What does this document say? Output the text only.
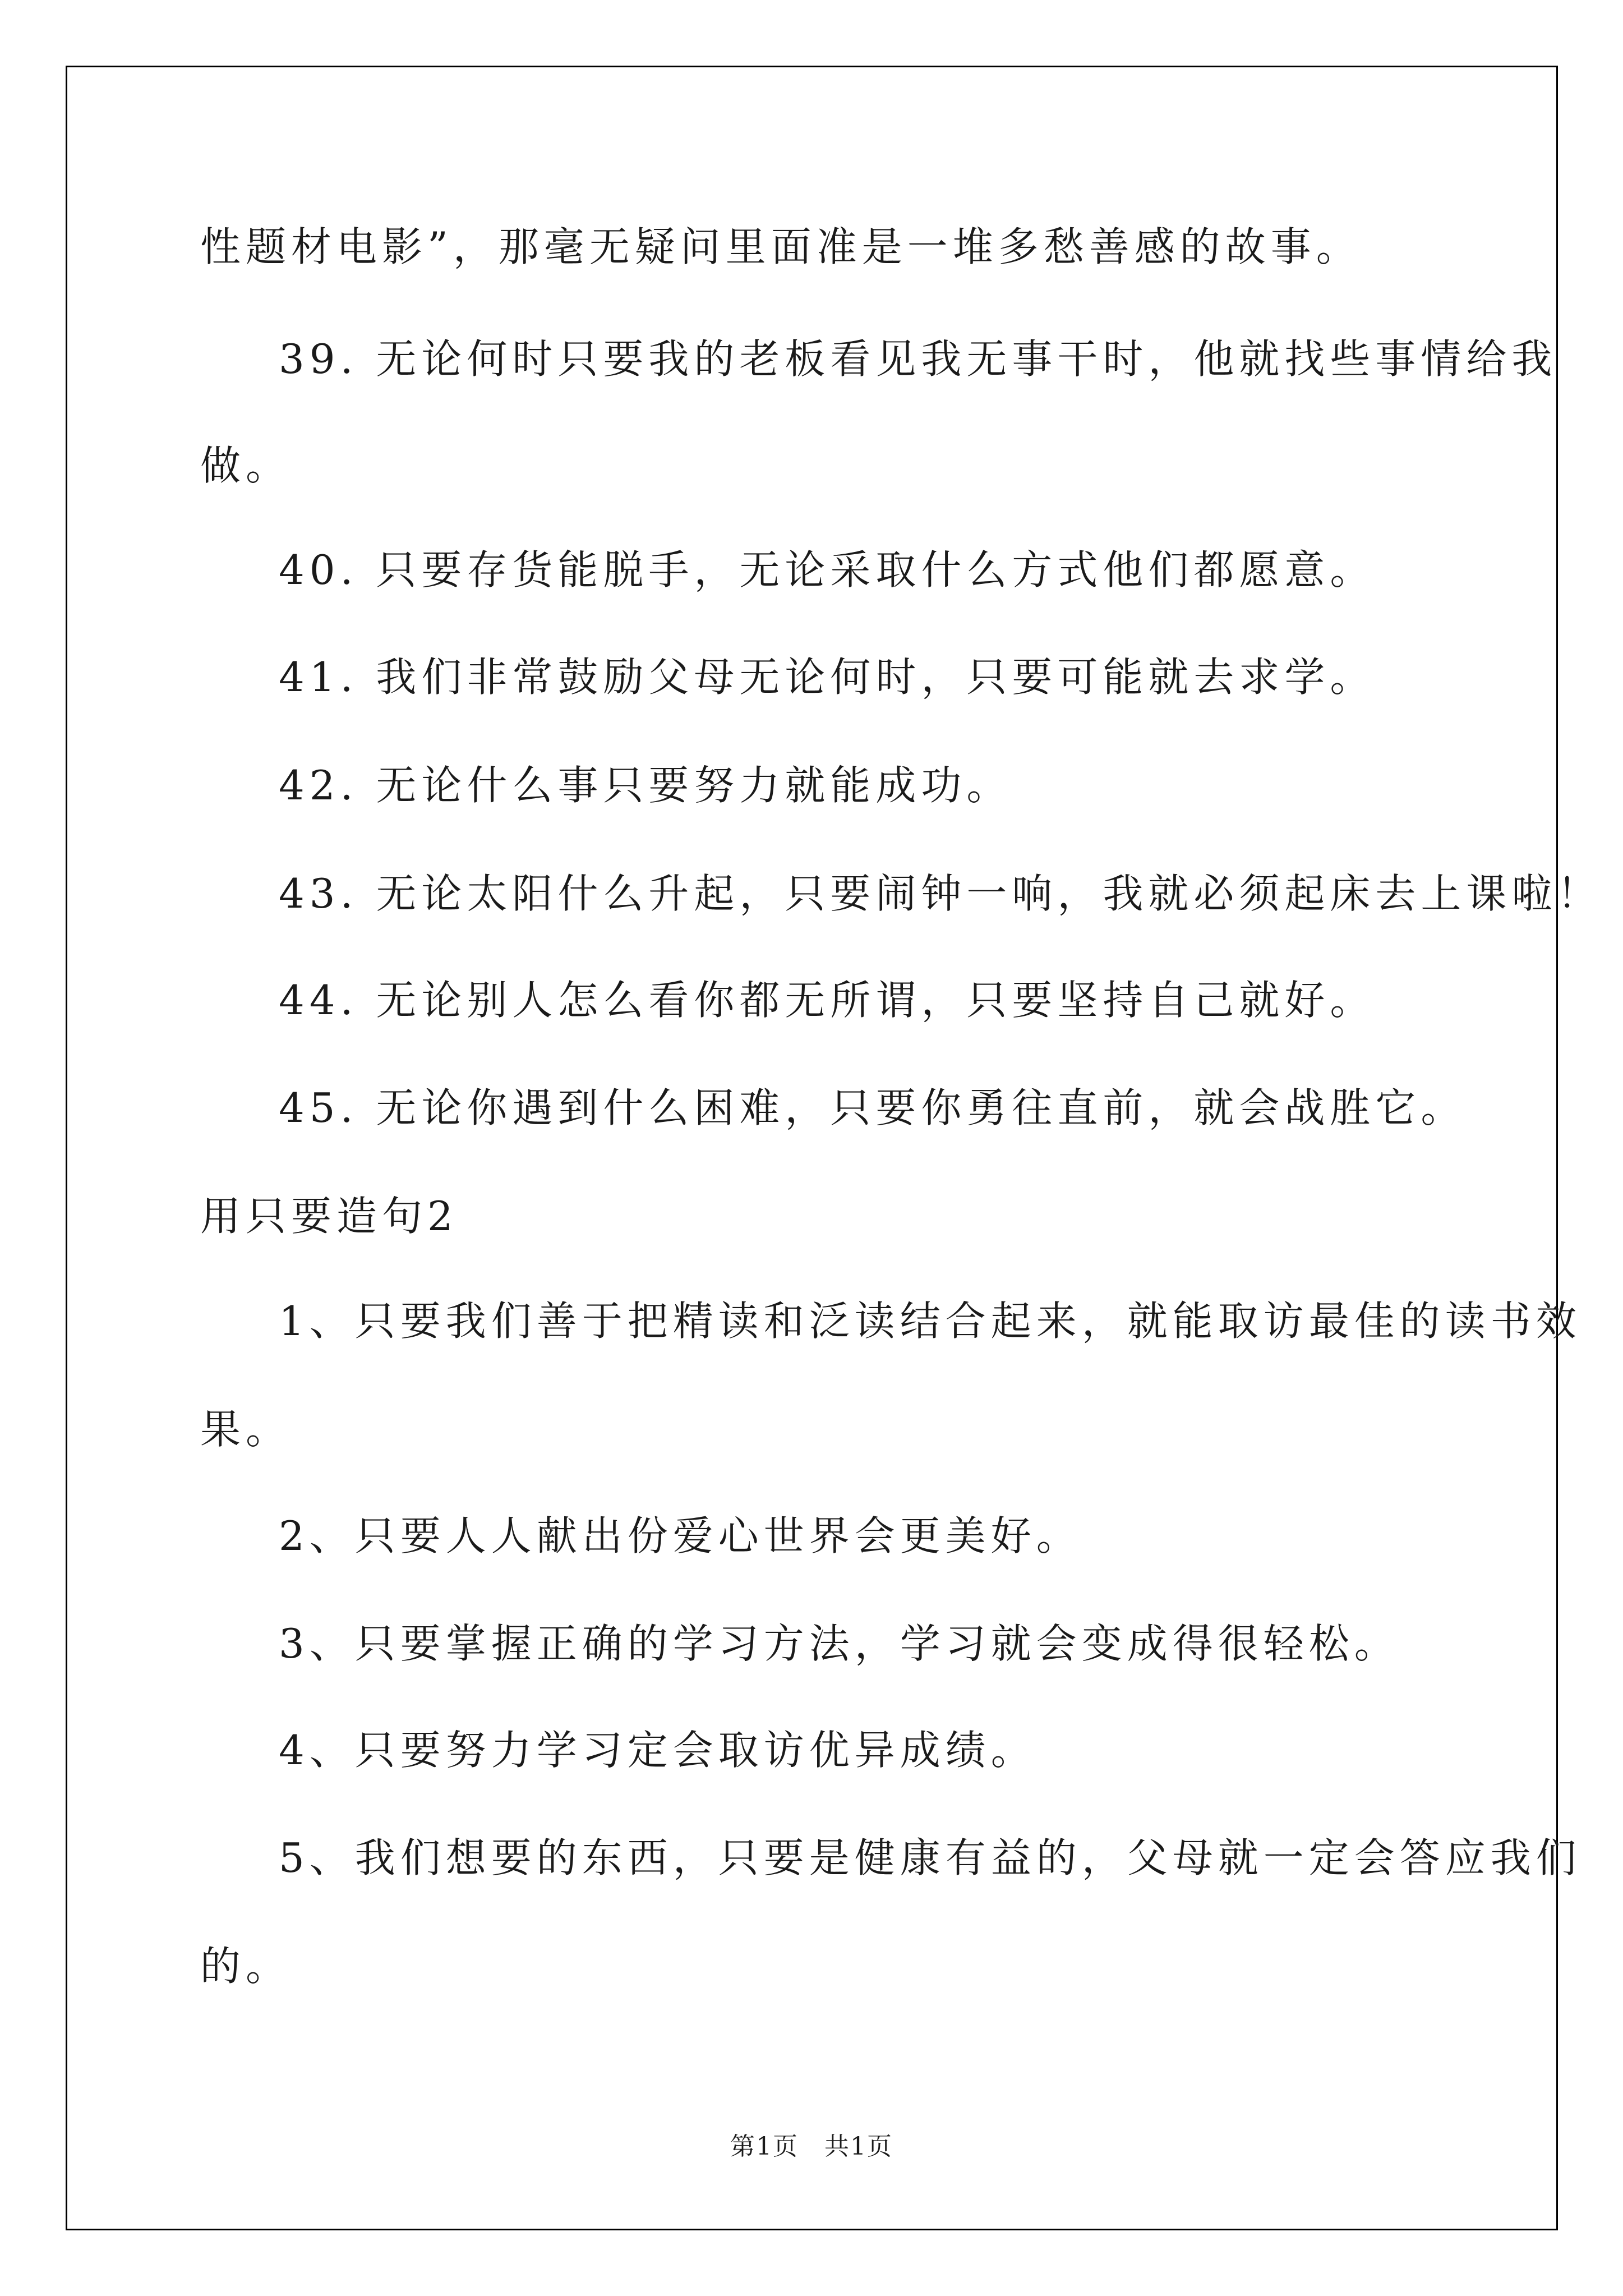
性题材电影”，那毫无疑问里面准是一堆多愁善感的故事。
39. 无论何时只要我的老板看见我无事干时，他就找些事情给我
做。
40. 只要存货能脱手，无论采取什么方式他们都愿意。
41. 我们非常鼓励父母无论何时，只要可能就去求学。
42. 无论什么事只要努力就能成功。
43. 无论太阳什么升起，只要闹钟一响，我就必须起床去上课啦！
44. 无论别人怎么看你都无所谓，只要坚持自己就好。
45. 无论你遇到什么困难，只要你勇往直前，就会战胜它。
用只要造句2
1、只要我们善于把精读和泛读结合起来，就能取访最佳的读书效
果。
2、只要人人献出份爱心世界会更美好。
3、只要掌握正确的学习方法，学习就会变成得很轻松。
4、只要努力学习定会取访优异成绩。
5、我们想要的东西，只要是健康有益的，父母就一定会答应我们
的。
第1页　共1页
